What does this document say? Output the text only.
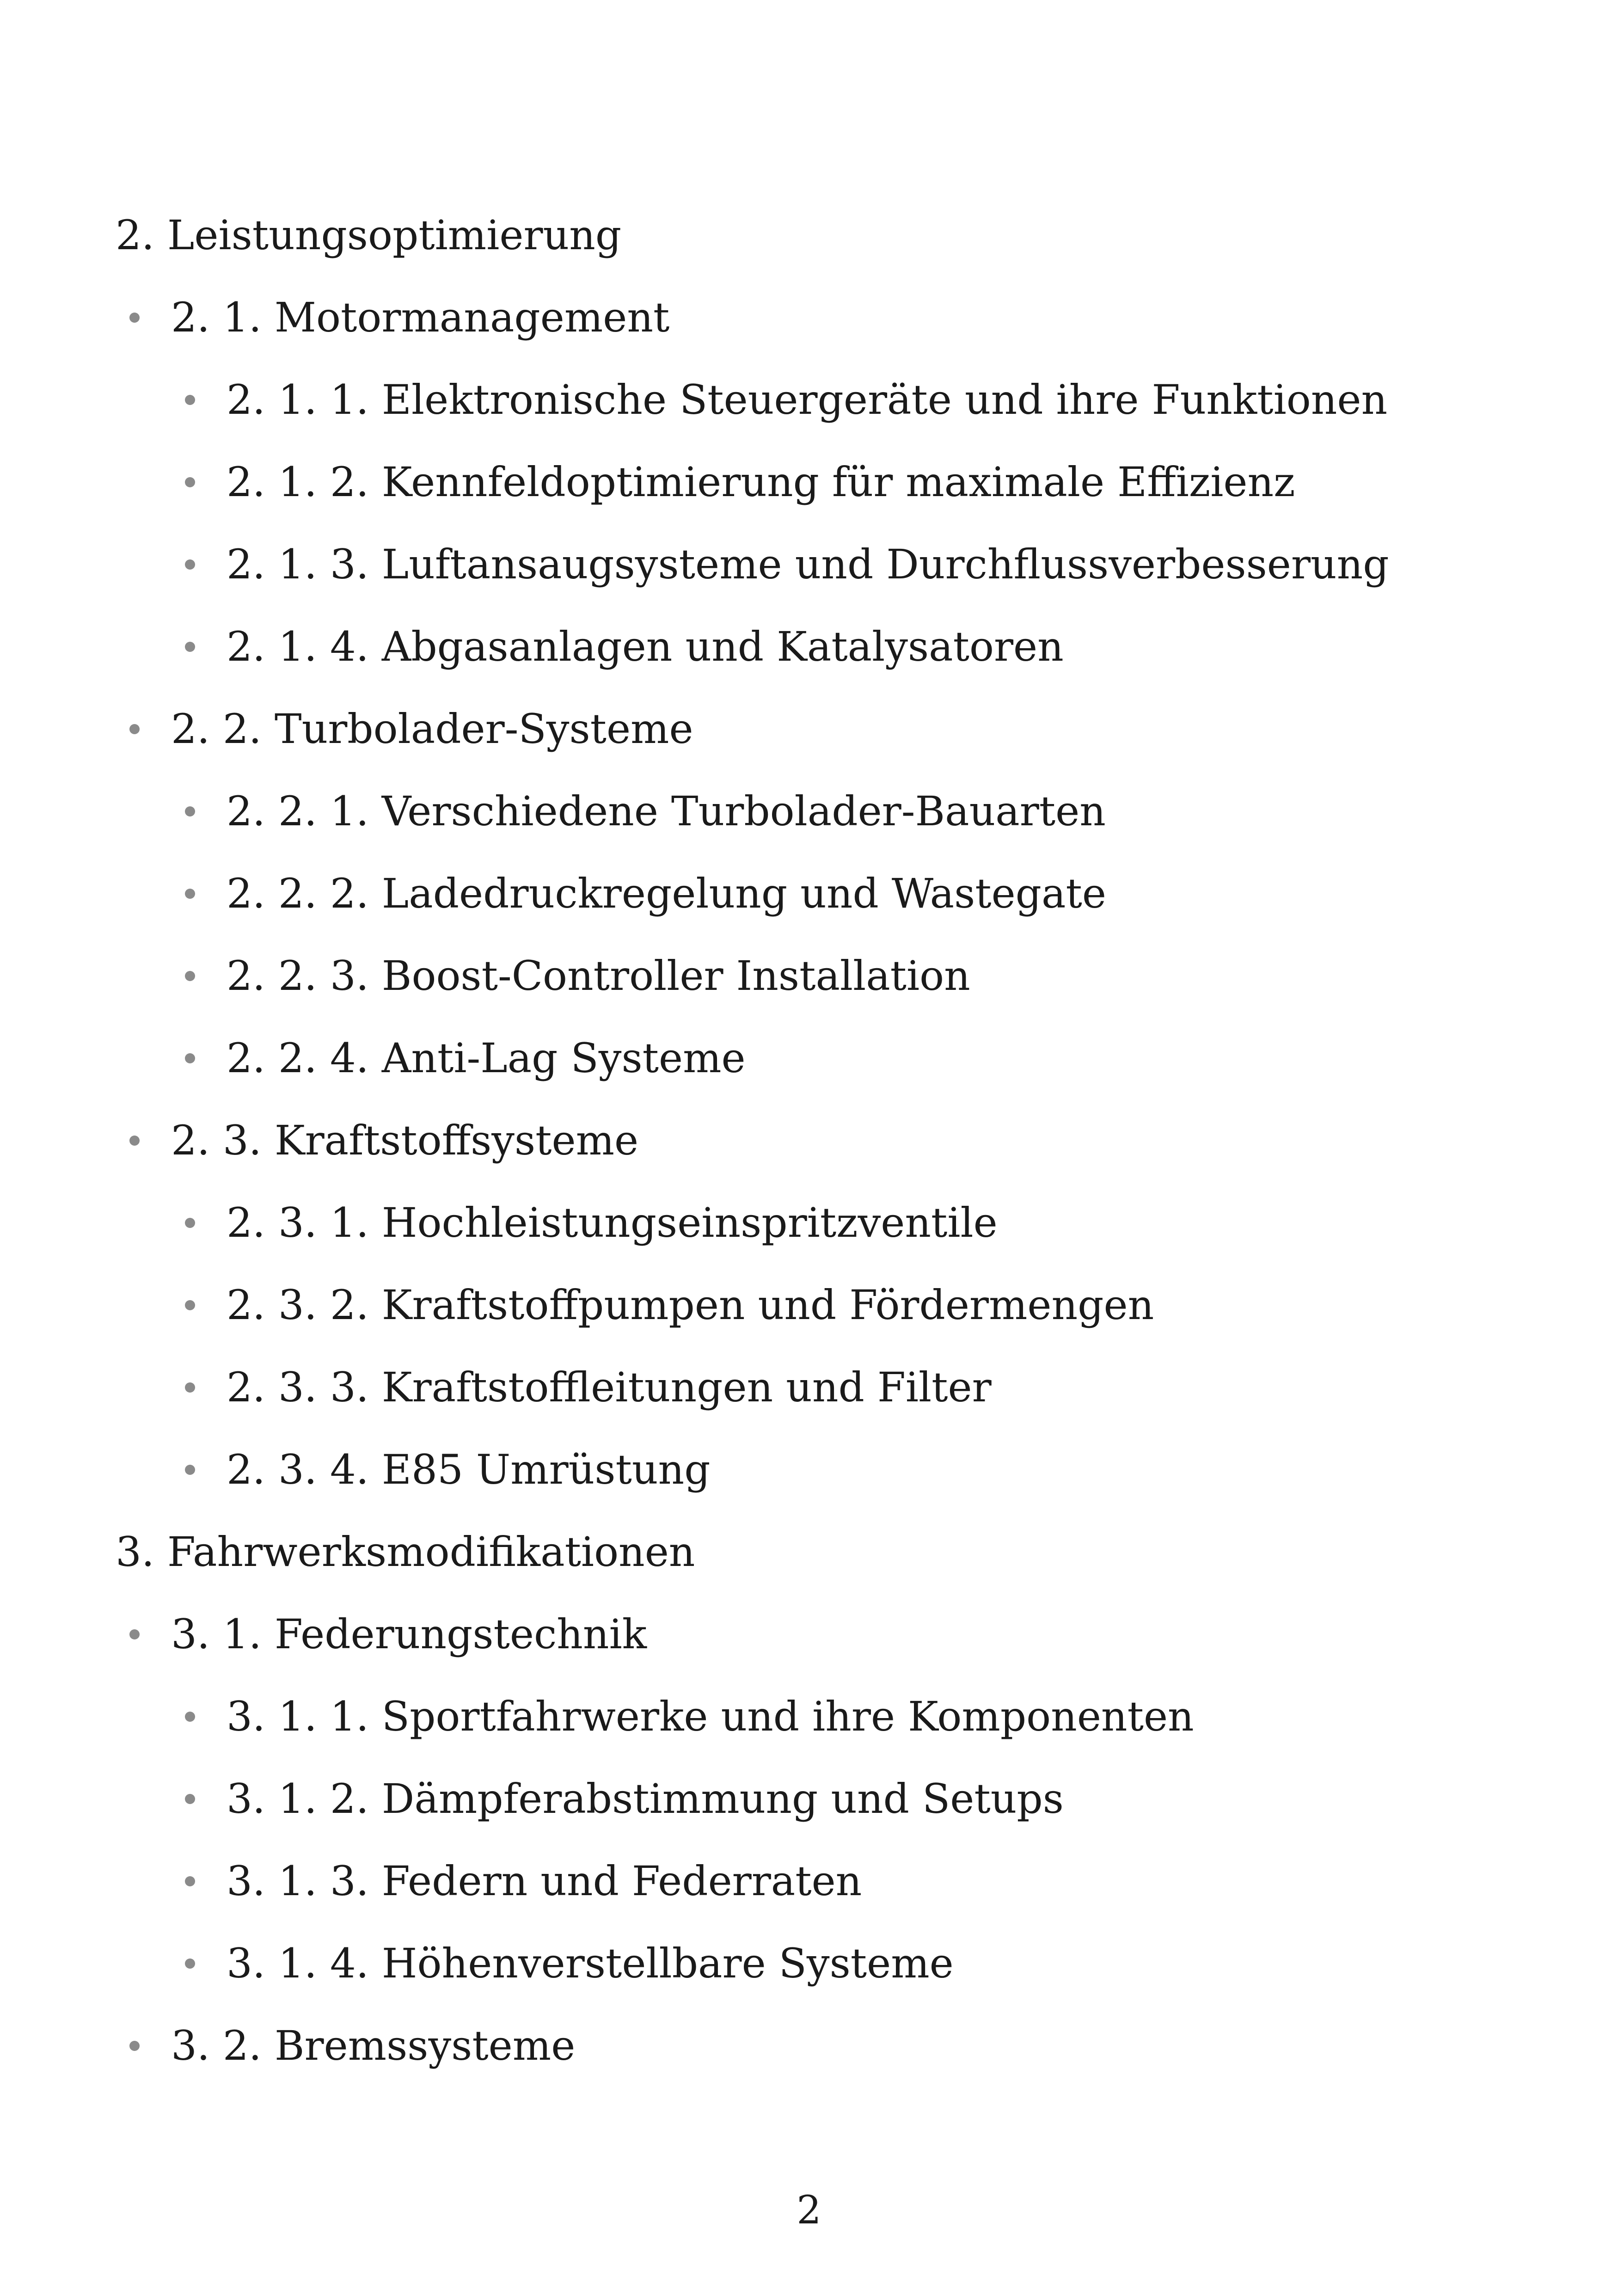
2. Leistungsoptimierung
2. 1. Motormanagement
2. 1. 1. Elektronische Steuergeräte und ihre Funktionen
2. 1. 2. Kennfeldoptimierung für maximale Effizienz
2. 1. 3. Luftansaugsysteme und Durchflussverbesserung
2. 1. 4. Abgasanlagen und Katalysatoren
2. 2. Turbolader-Systeme
2. 2. 1. Verschiedene Turbolader-Bauarten
2. 2. 2. Ladedruckregelung und Wastegate
2. 2. 3. Boost-Controller Installation
2. 2. 4. Anti-Lag Systeme
2. 3. Kraftstoffsysteme
2. 3. 1. Hochleistungseinspritzventile
2. 3. 2. Kraftstoffpumpen und Fördermengen
2. 3. 3. Kraftstoffleitungen und Filter
2. 3. 4. E85 Umrüstung
3. Fahrwerksmodifikationen
3. 1. Federungstechnik
3. 1. 1. Sportfahrwerke und ihre Komponenten
3. 1. 2. Dämpferabstimmung und Setups
3. 1. 3. Federn und Federraten
3. 1. 4. Höhenverstellbare Systeme
3. 2. Bremssysteme
2
